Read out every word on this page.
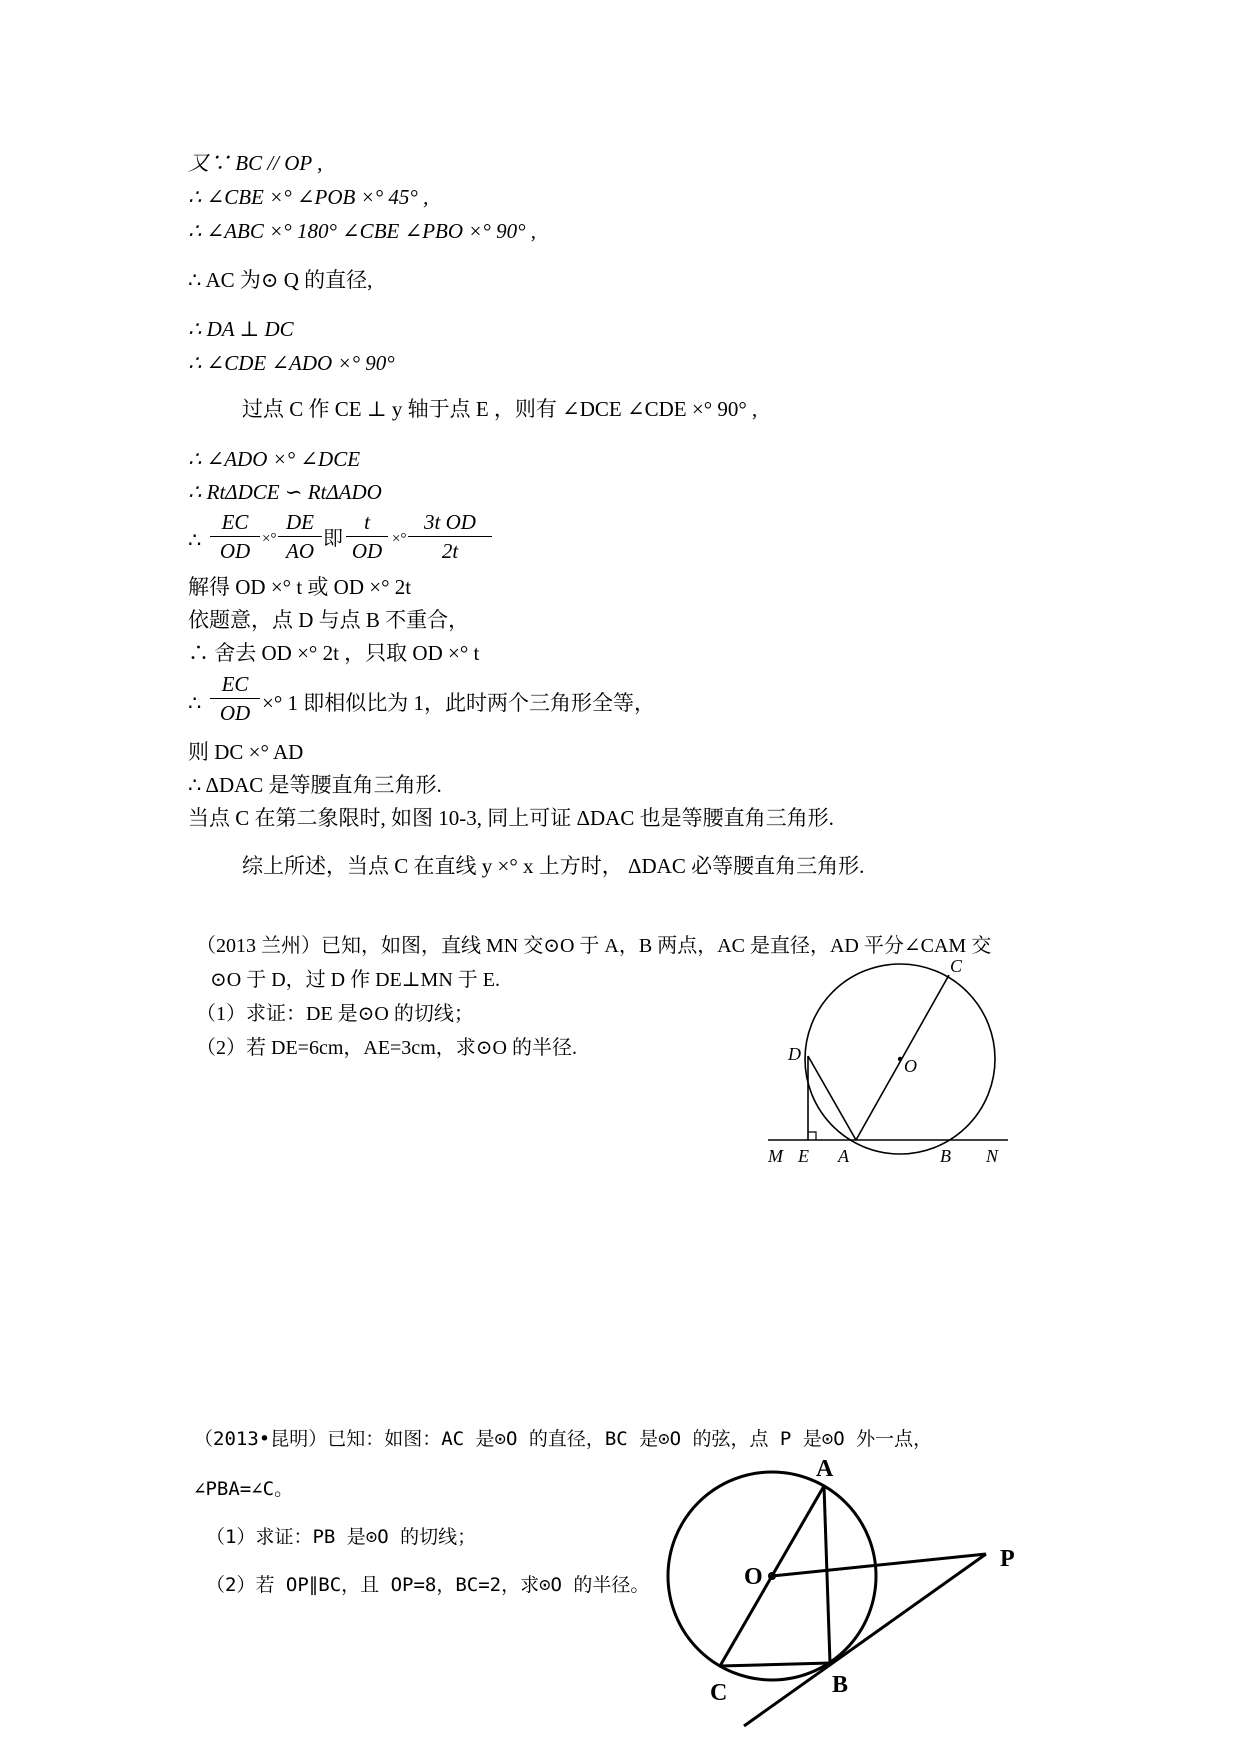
又∵ BC // OP ,
∴ ∠CBE ×° ∠POB ×° 45° ,
∴ ∠ABC ×° 180° ∠CBE ∠PBO ×° 90° ,
∴ AC 为⊙ Q 的直径,
∴ DA ⊥ DC
∴ ∠CDE ∠ADO ×° 90°
过点 C 作 CE ⊥ y 轴于点 E ，则有 ∠DCE ∠CDE ×° 90° ,
∴ ∠ADO ×° ∠DCE
∴ RtΔDCE ∽ RtΔADO
∴ $\frac{EC}{OD}$ ×° $\frac{DE}{AO}$ 即 $\frac{t}{OD}$ ×° $\frac{\text{3t OD}}{2t}$
解得 OD ×° t 或 OD ×° 2t
依题意，点 D 与点 B 不重合，
∴ 舍去 OD ×° 2t ，只取 OD ×° t
∴ $\frac{EC}{OD}$ ×° 1 即相似比为 1，此时两个三角形全等，
则 DC ×° AD
∴ ΔDAC 是等腰直角三角形.
当点 C 在第二象限时, 如图 10-3, 同上可证 ΔDAC 也是等腰直角三角形.
综上所述，当点 C 在直线 y ×° x 上方时， ΔDAC 必等腰直角三角形.
（2013 兰州）已知，如图，直线 MN 交⊙O 于 A，B 两点，AC 是直径，AD 平分∠CAM 交
⊙O 于 D，过 D 作 DE⊥MN 于 E.
（1）求证：DE 是⊙O 的切线；
（2）若 DE=6cm，AE=3cm，求⊙O 的半径.
C
D
O
M E A	B N
（2013•昆明）已知：如图：AC 是⊙O 的直径，BC 是⊙O 的弦，点 P 是⊙O 外一点，
∠PBA=∠C。
（1）求证：PB 是⊙O 的切线；
（2）若 OP∥BC，且 OP=8，BC=2，求⊙O 的半径。
A
O
P
C	B
